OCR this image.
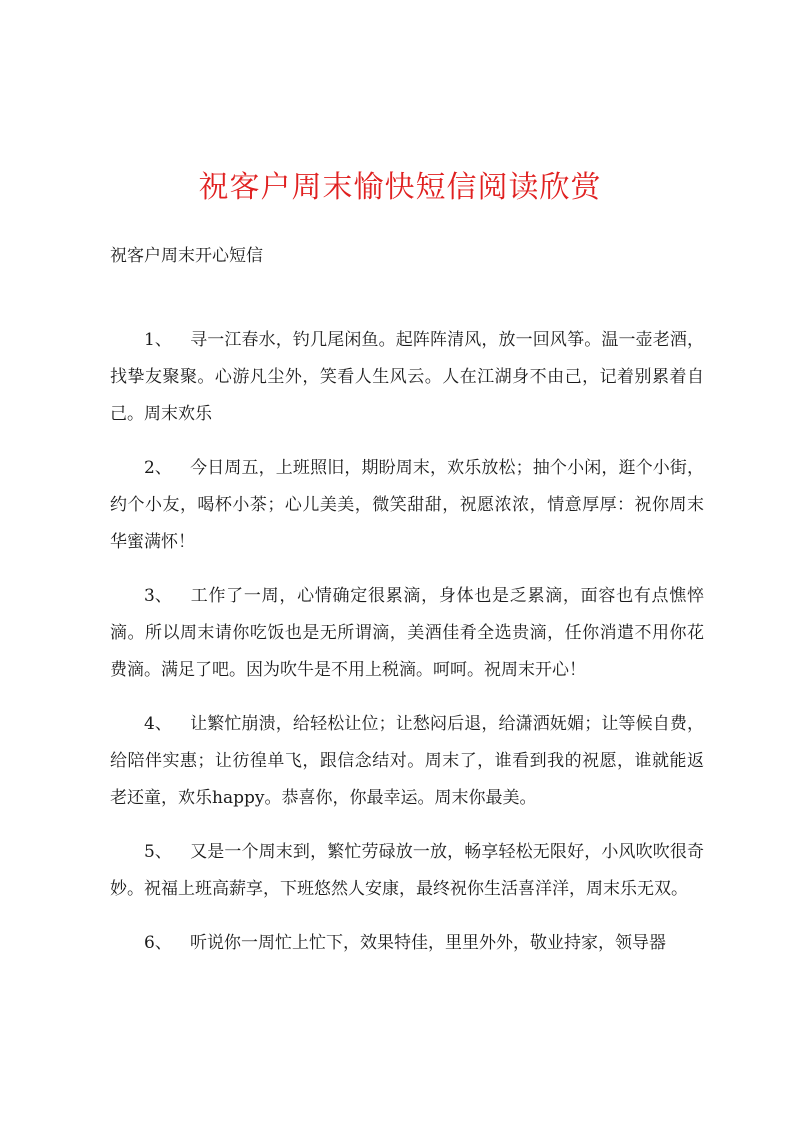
祝客户周末愉快短信阅读欣赏

祝客户周末开心短信

1、 寻一江春水，钓几尾闲鱼。起阵阵清风，放一回风筝。温一壶老酒，找挚友聚聚。心游凡尘外，笑看人生风云。人在江湖身不由己，记着别累着自己。周末欢乐

2、 今日周五，上班照旧，期盼周末，欢乐放松；抽个小闲，逛个小街，约个小友，喝杯小茶；心儿美美，微笑甜甜，祝愿浓浓，情意厚厚：祝你周末华蜜满怀！

3、 工作了一周，心情确定很累滴，身体也是乏累滴，面容也有点憔悴滴。所以周末请你吃饭也是无所谓滴，美酒佳肴全选贵滴，任你消遣不用你花费滴。满足了吧。因为吹牛是不用上税滴。呵呵。祝周末开心！

4、 让繁忙崩溃，给轻松让位；让愁闷后退，给潇洒妩媚；让等候自费，给陪伴实惠；让彷徨单飞，跟信念结对。周末了，谁看到我的祝愿，谁就能返老还童，欢乐happy。恭喜你，你最幸运。周末你最美。

5、 又是一个周末到，繁忙劳碌放一放，畅享轻松无限好，小风吹吹很奇妙。祝福上班高薪享，下班悠然人安康，最终祝你生活喜洋洋，周末乐无双。

6、 听说你一周忙上忙下，效果特佳，里里外外，敬业持家，领导器
